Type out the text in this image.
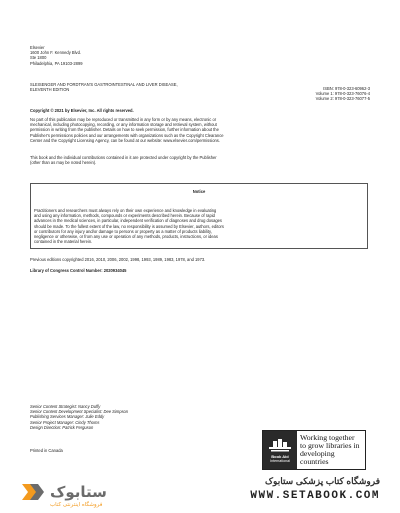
Elsevier
1600 John F. Kennedy Blvd.
Ste 1800
Philadelphia, PA 19103-2899
SLEISENGER AND FORDTRAN'S GASTROINTESTINAL AND LIVER DISEASE,
ELEVENTH EDITION	ISBN: 978-0-323-60962-3
Volume 1: 978-0-323-76076-4
Volume 2: 978-0-323-76077-5
Copyright © 2021 by Elsevier, Inc. All rights reserved.
No part of this publication may be reproduced or transmitted in any form or by any means, electronic or
mechanical, including photocopying, recording, or any information storage and retrieval system, without
permission in writing from the publisher. Details on how to seek permission, further information about the
Publisher's permissions policies and our arrangements with organizations such as the Copyright Clearance
Center and the Copyright Licensing Agency, can be found at our website: www.elsevier.com/permissions.
This book and the individual contributions contained in it are protected under copyright by the Publisher
(other than as may be noted herein).
Notice
Practitioners and researchers must always rely on their own experience and knowledge in evaluating
and using any information, methods, compounds or experiments described herein. Because of rapid
advances in the medical sciences, in particular, independent verification of diagnoses and drug dosages
should be made. To the fullest extent of the law, no responsibility is assumed by Elsevier, authors, editors
or contributors for any injury and/or damage to persons or property as a matter of products liability,
negligence or otherwise, or from any use or operation of any methods, products, instructions, or ideas
contained in the material herein.
Previous editions copyrighted 2016, 2010, 2006, 2002, 1998, 1993, 1989, 1983, 1978, and 1973.
Library of Congress Control Number: 2020934045
Senior Content Strategist: Nancy Duffy
Senior Content Development Specialist: Dee Simpson
Publishing Services Manager: Julie Eddy
Senior Project Manager: Cindy Thoms
Design Direction: Patrick Ferguson
Printed in Canada
Book Aid
International
Working together
to grow libraries in
developing countries
ستابوک
فروشگاه اینترنتی کتاب
فروشگاه کتاب پزشکی ستابوک
WWW.SETABOOK.COM
